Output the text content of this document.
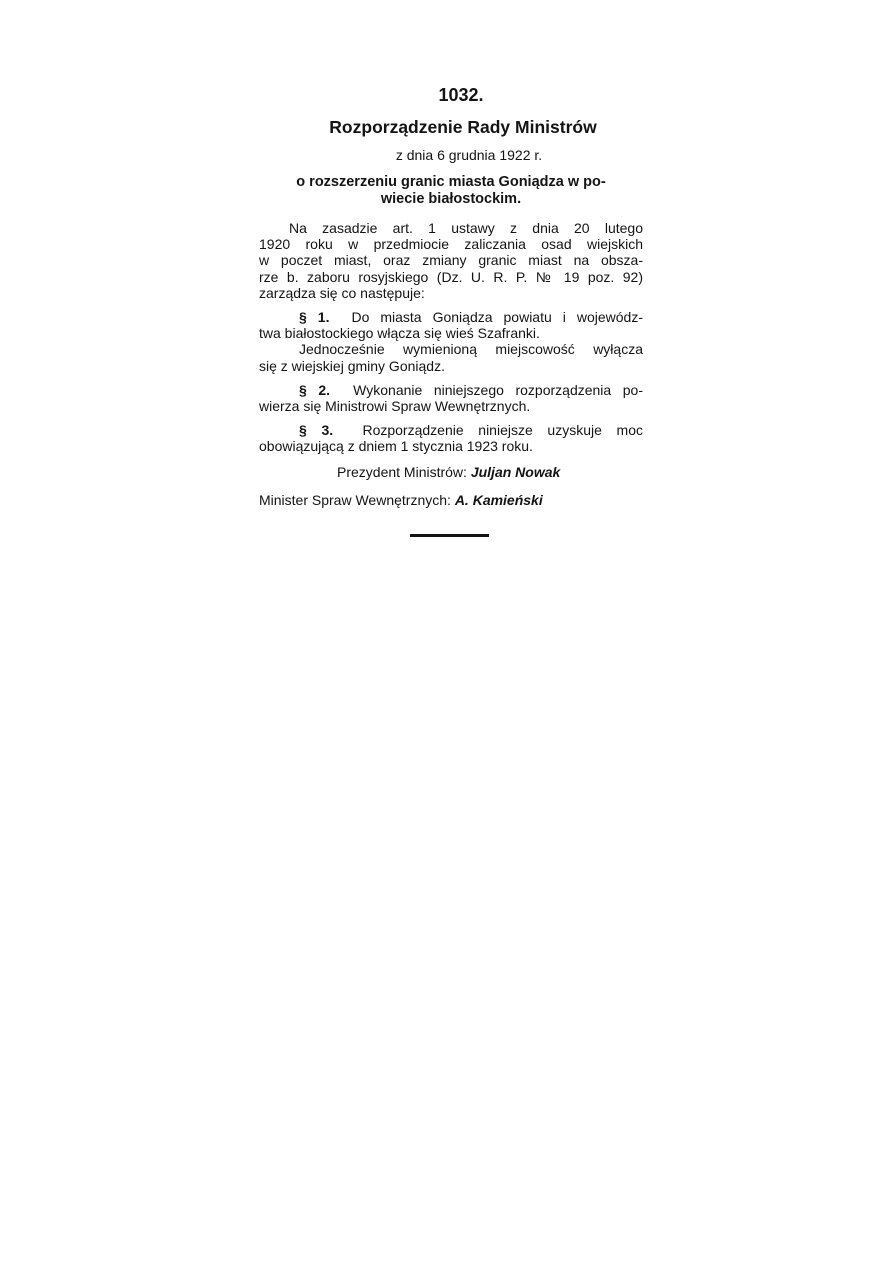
1032.
Rozporządzenie Rady Ministrów
z dnia 6 grudnia 1922 r.
o rozszerzeniu granic miasta Goniądza w po-
wiecie białostockim.
Na zasadzie art. 1 ustawy z dnia 20 lutego
1920 roku w przedmiocie zaliczania osad wiejskich
w poczet miast, oraz zmiany granic miast na obsza-
rze b. zaboru rosyjskiego (Dz. U. R. P. № 19 poz. 92)
zarządza się co następuje:
§ 1. Do miasta Goniądza powiatu i wojewódz-
twa białostockiego włącza się wieś Szafranki.
Jednocześnie wymienioną miejscowość wyłącza
się z wiejskiej gminy Goniądz.
§ 2. Wykonanie niniejszego rozporządzenia po-
wierza się Ministrowi Spraw Wewnętrznych.
§ 3. Rozporządzenie niniejsze uzyskuje moc
obowiązującą z dniem 1 stycznia 1923 roku.
Prezydent Ministrów: Juljan Nowak
Minister Spraw Wewnętrznych: A. Kamieński
